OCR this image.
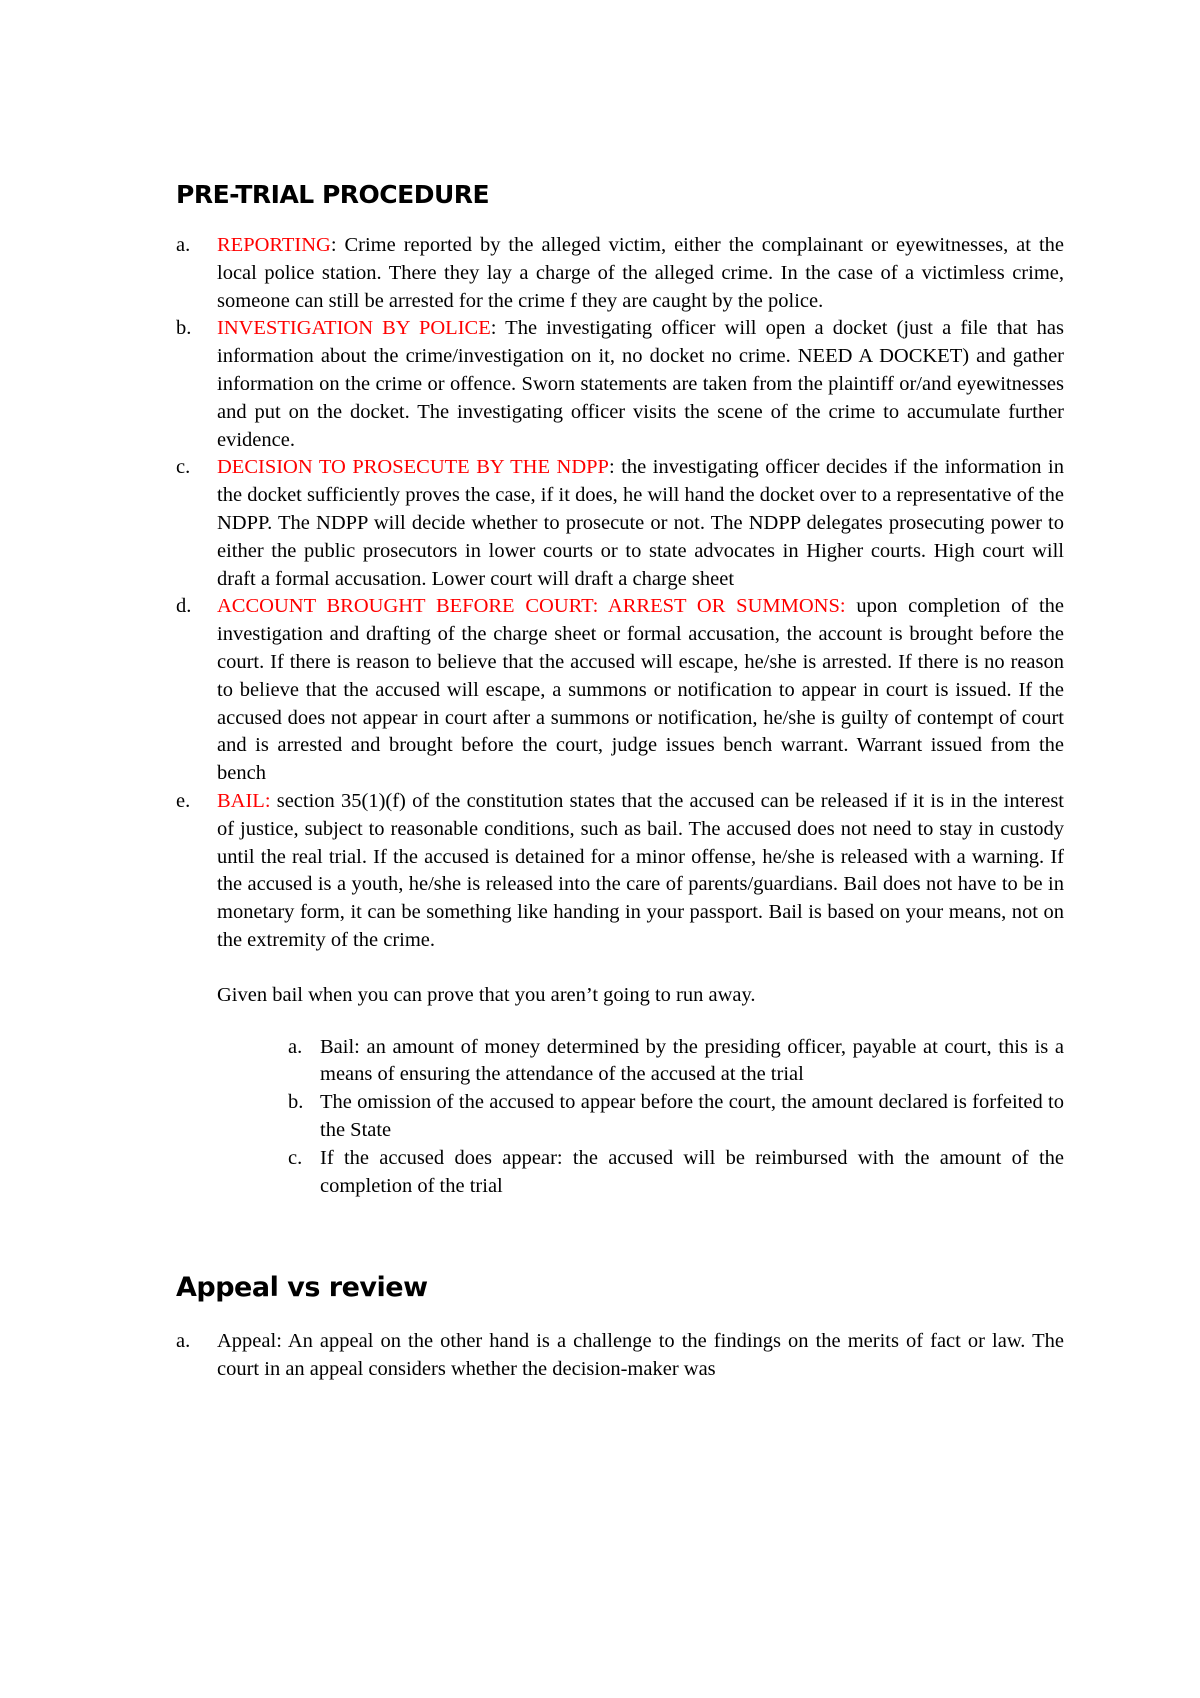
PRE-TRIAL PROCEDURE
a. REPORTING: Crime reported by the alleged victim, either the complainant or eyewitnesses, at the local police station. There they lay a charge of the alleged crime. In the case of a victimless crime, someone can still be arrested for the crime f they are caught by the police.
b. INVESTIGATION BY POLICE: The investigating officer will open a docket (just a file that has information about the crime/investigation on it, no docket no crime. NEED A DOCKET) and gather information on the crime or offence. Sworn statements are taken from the plaintiff or/and eyewitnesses and put on the docket. The investigating officer visits the scene of the crime to accumulate further evidence.
c. DECISION TO PROSECUTE BY THE NDPP: the investigating officer decides if the information in the docket sufficiently proves the case, if it does, he will hand the docket over to a representative of the NDPP. The NDPP will decide whether to prosecute or not. The NDPP delegates prosecuting power to either the public prosecutors in lower courts or to state advocates in Higher courts. High court will draft a formal accusation. Lower court will draft a charge sheet
d. ACCOUNT BROUGHT BEFORE COURT: ARREST OR SUMMONS: upon completion of the investigation and drafting of the charge sheet or formal accusation, the account is brought before the court. If there is reason to believe that the accused will escape, he/she is arrested. If there is no reason to believe that the accused will escape, a summons or notification to appear in court is issued. If the accused does not appear in court after a summons or notification, he/she is guilty of contempt of court and is arrested and brought before the court, judge issues bench warrant. Warrant issued from the bench
e. BAIL: section 35(1)(f) of the constitution states that the accused can be released if it is in the interest of justice, subject to reasonable conditions, such as bail. The accused does not need to stay in custody until the real trial. If the accused is detained for a minor offense, he/she is released with a warning. If the accused is a youth, he/she is released into the care of parents/guardians. Bail does not have to be in monetary form, it can be something like handing in your passport. Bail is based on your means, not on the extremity of the crime.

Given bail when you can prove that you aren’t going to run away.

a. Bail: an amount of money determined by the presiding officer, payable at court, this is a means of ensuring the attendance of the accused at the trial
b. The omission of the accused to appear before the court, the amount declared is forfeited to the State
c. If the accused does appear: the accused will be reimbursed with the amount of the completion of the trial
Appeal vs review
a. Appeal: An appeal on the other hand is a challenge to the findings on the merits of fact or law. The court in an appeal considers whether the decision-maker was
